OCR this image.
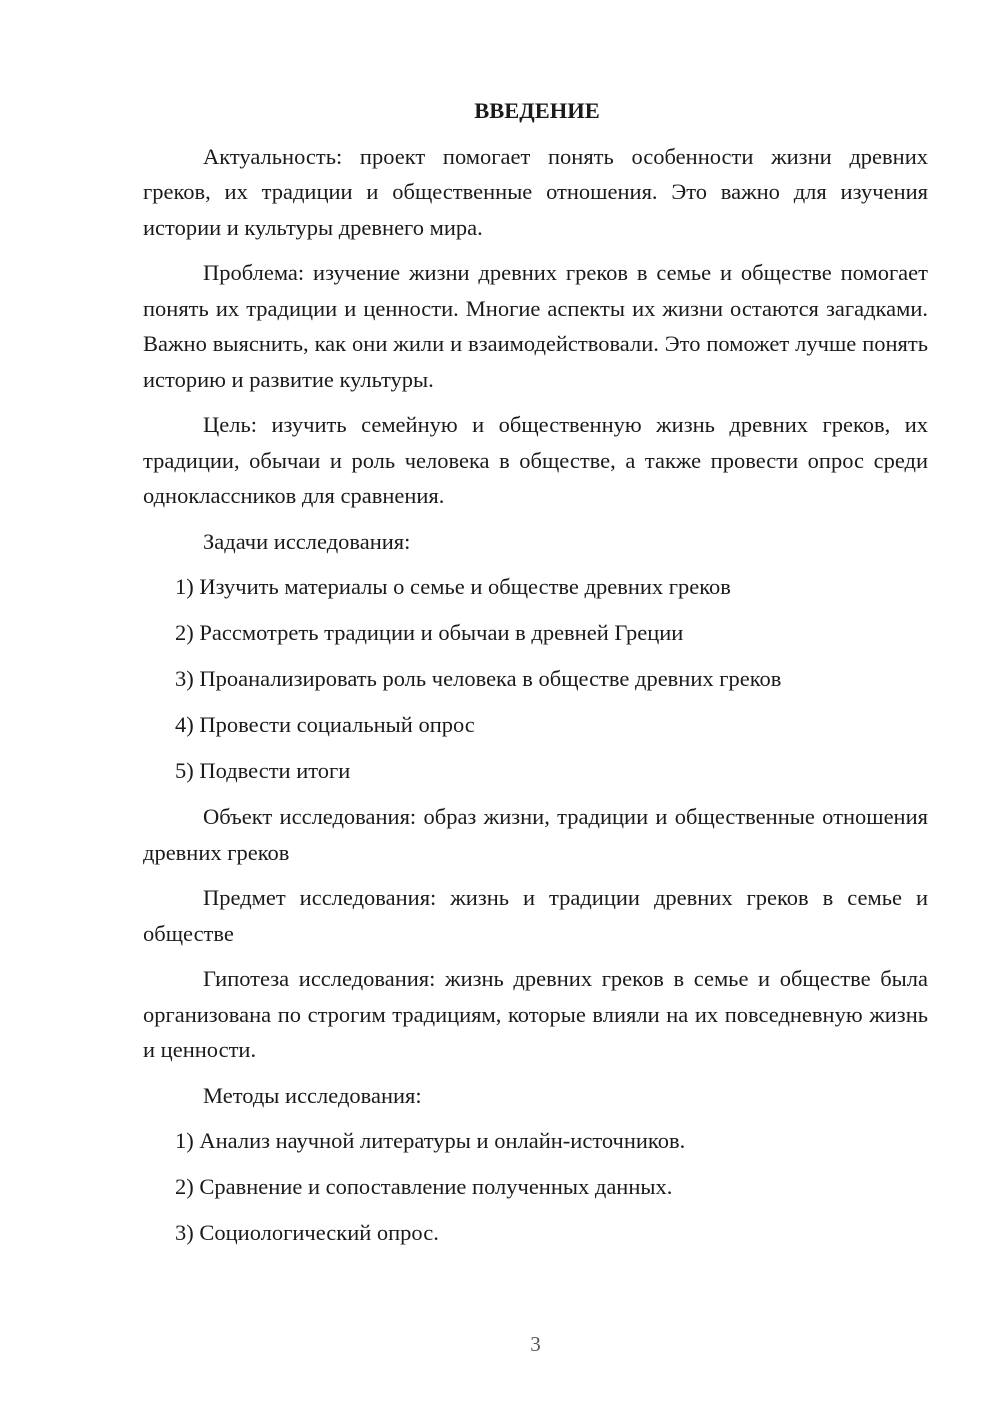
ВВЕДЕНИЕ

Актуальность: проект помогает понять особенности жизни древних греков, их традиции и общественные отношения. Это важно для изучения истории и культуры древнего мира.

Проблема: изучение жизни древних греков в семье и обществе помогает понять их традиции и ценности. Многие аспекты их жизни остаются загадками. Важно выяснить, как они жили и взаимодействовали. Это поможет лучше понять историю и развитие культуры.

Цель: изучить семейную и общественную жизнь древних греков, их традиции, обычаи и роль человека в обществе, а также провести опрос среди одноклассников для сравнения.

Задачи исследования:

1) Изучить материалы о семье и обществе древних греков
2) Рассмотреть традиции и обычаи в древней Греции
3) Проанализировать роль человека в обществе древних греков
4) Провести социальный опрос
5) Подвести итоги

Объект исследования: образ жизни, традиции и общественные отношения древних греков

Предмет исследования: жизнь и традиции древних греков в семье и обществе

Гипотеза исследования: жизнь древних греков в семье и обществе была организована по строгим традициям, которые влияли на их повседневную жизнь и ценности.

Методы исследования:

1) Анализ научной литературы и онлайн-источников.
2) Сравнение и сопоставление полученных данных.
3) Социологический опрос.
3
